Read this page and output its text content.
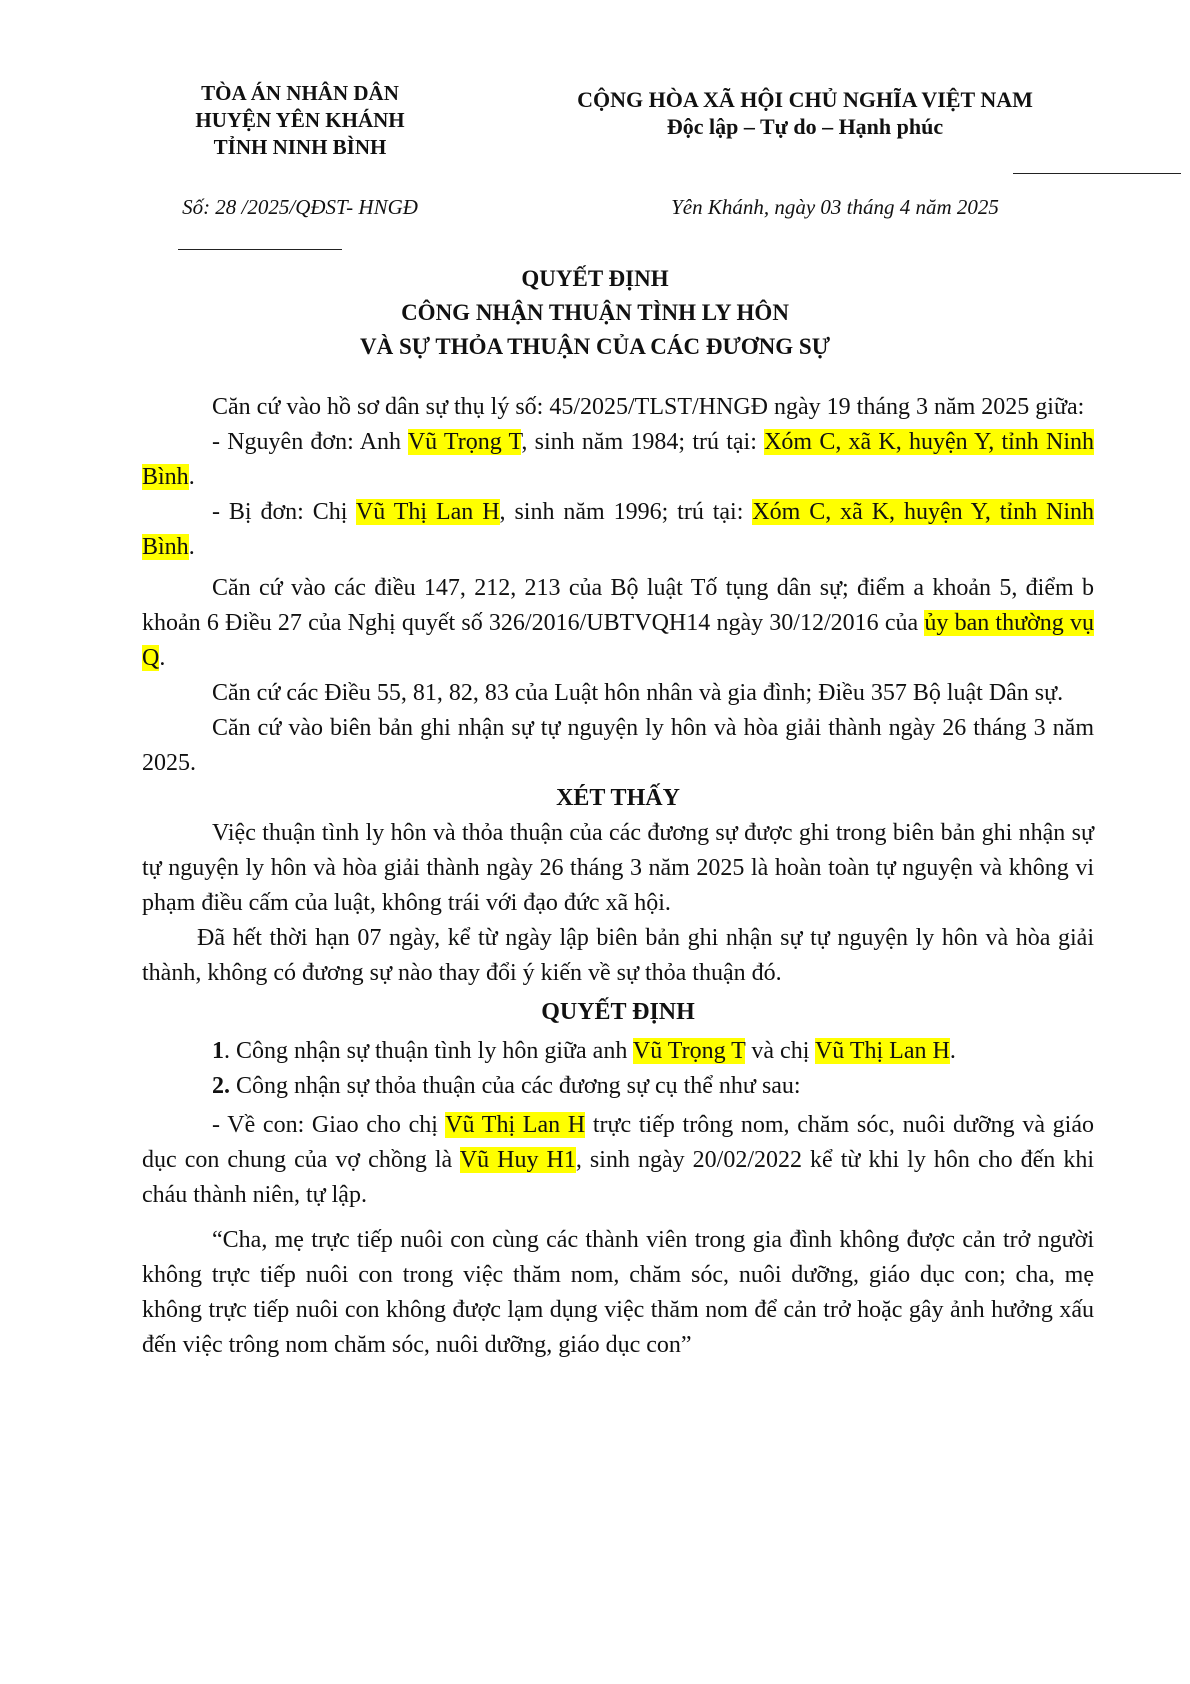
TÒA ÁN NHÂN DÂN
HUYỆN YÊN KHÁNH
TỈNH NINH BÌNH
Số: 28 /2025/QĐST- HNGĐ
CỘNG HÒA XÃ HỘI CHỦ NGHĨA VIỆT NAM
Độc lập – Tự do – Hạnh phúc
Yên Khánh, ngày 03 tháng 4 năm 2025
QUYẾT ĐỊNH
CÔNG NHẬN THUẬN TÌNH LY HÔN
VÀ SỰ THỎA THUẬN CỦA CÁC ĐƯƠNG SỰ

Căn cứ vào hồ sơ dân sự thụ lý số: 45/2025/TLST/HNGĐ ngày 19 tháng 3 năm 2025 giữa:

- Nguyên đơn: Anh Vũ Trọng T, sinh năm 1984; trú tại: Xóm C, xã K, huyện Y, tỉnh Ninh Bình.

- Bị đơn: Chị Vũ Thị Lan H, sinh năm 1996; trú tại: Xóm C, xã K, huyện Y, tỉnh Ninh Bình.

Căn cứ vào các điều 147, 212, 213 của Bộ luật Tố tụng dân sự; điểm a khoản 5, điểm b khoản 6 Điều 27 của Nghị quyết số 326/2016/UBTVQH14 ngày 30/12/2016 của ủy ban thường vụ Q.

Căn cứ các Điều 55, 81, 82, 83 của Luật hôn nhân và gia đình; Điều 357 Bộ luật Dân sự.

Căn cứ vào biên bản ghi nhận sự tự nguyện ly hôn và hòa giải thành ngày 26 tháng 3 năm 2025.

XÉT THẤY

Việc thuận tình ly hôn và thỏa thuận của các đương sự được ghi trong biên bản ghi nhận sự tự nguyện ly hôn và hòa giải thành ngày 26 tháng 3 năm 2025 là hoàn toàn tự nguyện và không vi phạm điều cấm của luật, không trái với đạo đức xã hội.

Đã hết thời hạn 07 ngày, kể từ ngày lập biên bản ghi nhận sự tự nguyện ly hôn và hòa giải thành, không có đương sự nào thay đổi ý kiến về sự thỏa thuận đó.

QUYẾT ĐỊNH

1. Công nhận sự thuận tình ly hôn giữa anh Vũ Trọng T và chị Vũ Thị Lan H.

2. Công nhận sự thỏa thuận của các đương sự cụ thể như sau:

- Về con: Giao cho chị Vũ Thị Lan H trực tiếp trông nom, chăm sóc, nuôi dưỡng và giáo dục con chung của vợ chồng là Vũ Huy H1, sinh ngày 20/02/2022 kể từ khi ly hôn cho đến khi cháu thành niên, tự lập.

“Cha, mẹ trực tiếp nuôi con cùng các thành viên trong gia đình không được cản trở người không trực tiếp nuôi con trong việc thăm nom, chăm sóc, nuôi dưỡng, giáo dục con; cha, mẹ không trực tiếp nuôi con không được lạm dụng việc thăm nom để cản trở hoặc gây ảnh hưởng xấu đến việc trông nom chăm sóc, nuôi dưỡng, giáo dục con”
